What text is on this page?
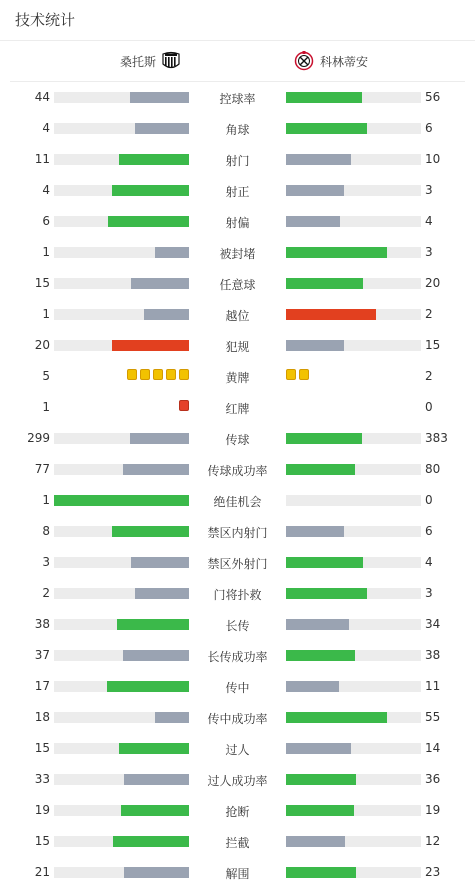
技术统计
桑托斯	科林蒂安
44	控球率	56
4	角球	6
11	射门	10
4	射正	3
6	射偏	4
1	被封堵	3
15	任意球	20
1	越位	2
20	犯规	15
5	黄牌	2
1	红牌	0
299	传球	383
77	传球成功率	80
1	绝佳机会	0
8	禁区内射门	6
3	禁区外射门	4
2	门将扑救	3
38	长传	34
37	长传成功率	38
17	传中	11
18	传中成功率	55
15	过人	14
33	过人成功率	36
19	抢断	19
15	拦截	12
21	解围	23
